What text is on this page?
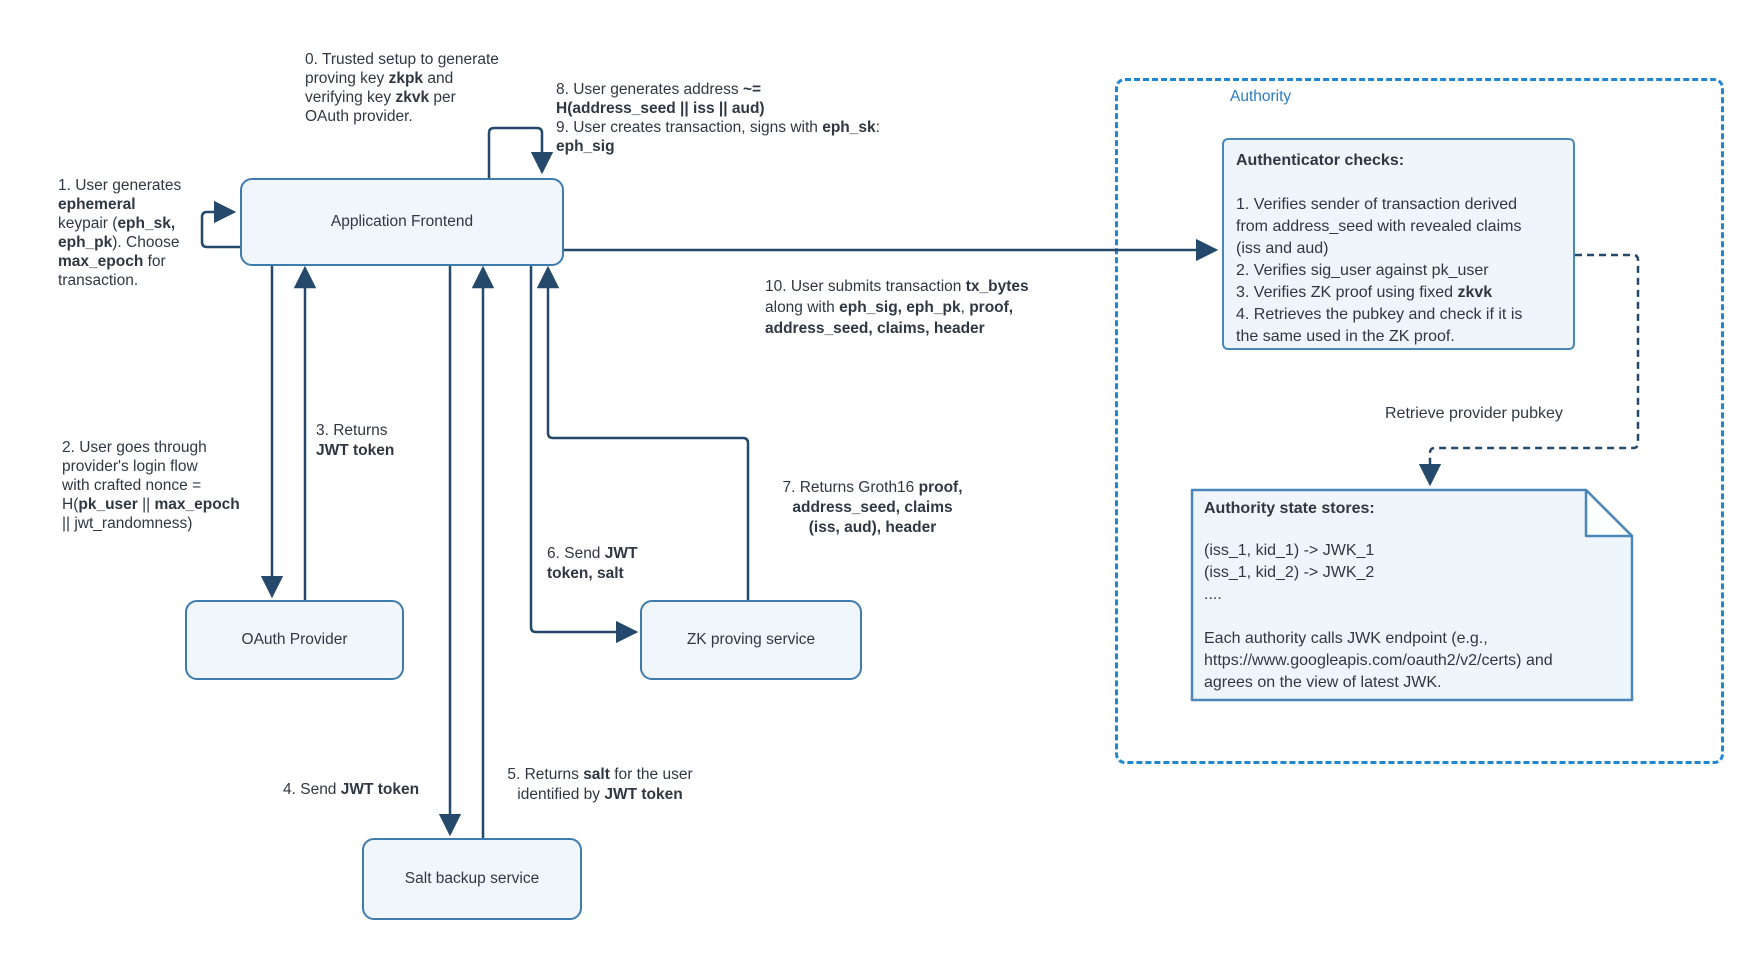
Authority
Application Frontend
OAuth Provider	ZK proving service
Salt backup service
0. Trusted setup to generate
proving key zkpk and
verifying key zkvk per
OAuth provider.
1. User generates
ephemeral
keypair (eph_sk,
eph_pk). Choose
max_epoch for
transaction.
2. User goes through
provider's login flow
with crafted nonce =
H(pk_user || max_epoch
|| jwt_randomness)
3. Returns
JWT token
4. Send JWT token
5. Returns salt for the user
identified by JWT token
6. Send JWT
token, salt
7. Returns Groth16 proof,
address_seed, claims
(iss, aud), header
8. User generates address ~=
H(address_seed || iss || aud)
9. User creates transaction, signs with eph_sk:
eph_sig
10. User submits transaction tx_bytes
along with eph_sig, eph_pk, proof,
address_seed, claims, header
Authenticator checks:
1. Verifies sender of transaction derived
from address_seed with revealed claims
(iss and aud)
2. Verifies sig_user against pk_user
3. Verifies ZK proof using fixed zkvk
4. Retrieves the pubkey and check if it is
the same used in the ZK proof.
Retrieve provider pubkey
Authority state stores:
(iss_1, kid_1) -> JWK_1
(iss_1, kid_2) -> JWK_2
....

Each authority calls JWK endpoint (e.g.,
https://www.googleapis.com/oauth2/v2/certs) and
agrees on the view of latest JWK.
